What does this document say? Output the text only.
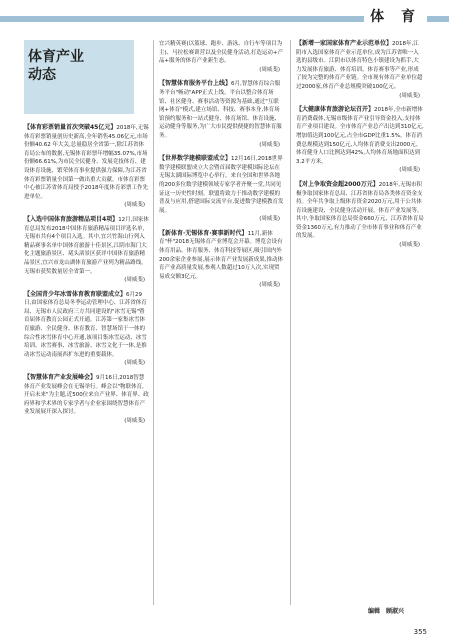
体 育
体育产业
动态
【体育彩票销量首次突破45亿元】2018年,无锡体育彩票销量创历史新高,全年销售45.06亿元,市场份额40.62 年大关,总量稳居全省第一,除江苏省体育局公布的数据,无锡体育彩票年增幅35.07%,市场份额66.61%,为市民全民健身、发展竞技体育、建设体育设施、繁荣体育事业提供强力保障,为江苏省体育彩票销量全国第一做出重大贡献。市体育彩票中心被江苏省体育局授予2018年度体育彩票工作先进单位。
(周威斐)
【入选中国体育旅游精品项目4项】12月,国家体育总局发布2018中国体育旅游精品项目评选名单,无锡市共有4个项目入选。其中,宜兴竹海山行列入精品赛事名单中国体育旅游十佳景区,江阴市海门大化主题旅游景区、鼋头渚景区获评中国体育旅游精品景区,宜兴市龙山湖体育旅游产业列为精品路线。无锡市获奖数量居全省第一。
(周威斐)
【全国青少年冰雪体育教育联盟成立】6月29日,由国家体育总局冬季运动管理中心、江苏省体育局、无锡市人民政府三方共同建设的"冰雪无锡"暨首届体育教育公园正式开通。江苏第一家集冰雪体育旅游、全民健身、体育教育、智慧场馆于一体的综合性冰雪体育中心开通,该项目集冰雪运动、冰雪培训、冰雪赛事、冰雪旅游、冰雪文化于一体,是推动冰雪运动南展西扩东进的重要载体。
(周威斐)
【智慧体育产业发展峰会】9月16日,2018智慧体育产业发展峰会在无锡举行。峰会以"物联体育,开启未来"为主题,近500位来自产业界、体育界、政府界和学术界的专家学者与企业家围绕智慧体育产业发展展开深入探讨。
(周威斐)
宜兴精英赛(以篮球、跑步、游泳、自行车等项目为主)、马拉松赛训营以及全民健身活动,打造运动+产品+服务的体育产业新生态。
(周威斐)
【智慧体育服务平台上线】6月,智慧体育综合服务平台"畅动"APP正式上线。平台以整合体育场馆、社区健身、赛事活动等资源为基础,通过"互联网+体育"模式,建立场馆、科技、赛事本身,体育场馆预约服务和一站式健身、体育场馆、体育设施、运动健身等服务,为广大市民提供便捷的智慧体育服务。
(周威斐)
【世界数学建模联盟成立】12月16日,2018世界数学建模联盟成立大会暨首届数学建模国际论坛在无锡太湖国际博览中心举行。来自全国和世界各地的200多位数学建模领域专家学者齐聚一堂,共同见证这一历史性时刻。联盟将致力于推动数学建模的普及与应用,搭建国际交流平台,促进数学建模教育发展。
(周威斐)
【新体育·无锡体育·赛事新时代】11月,新体育"杯"2018无锡体育产业博览会开幕。博览会设有体育用品、体育服务、体育科技等展区,吸引国内外200余家企业参展,展示体育产业发展新成果,推动体育产业高质量发展,参观人数超过10万人次,实现贸易成交额3亿元。
(周威斐)
【新增一家国家体育产业示范单位】2018年,江阴市入选国家体育产业示范单位,成为江苏省唯一入选的县级市。江阴市以体育特色小镇建设为抓手,大力发展体育旅游、体育培训、体育赛事等产业,形成了较为完整的体育产业链。全市现有体育产业单位超过2000家,体育产业总规模突破100亿元。
(周威斐)
【大健康体育旅游论坛召开】2018年,全市新增体育消费载体,无锡市级体育产业引导资金投入,支持体育产业项目建设。全市体育产业总产出达到310亿元,增加值达到100亿元,占全市GDP比重1.5%。体育消费总规模达到150亿元,人均体育消费支出2000元。体育健身人口比例达到42%,人均体育场地面积达到3.2平方米。
(周威斐)
【对上争取资金超2000万元】2018年,无锡市积极争取国家体育总局、江苏省体育局各类体育资金支持。全年共争取上级体育资金2020万元,用于公共体育设施建设、全民健身活动开展、体育产业发展等。其中,争取国家体育总局资金660万元、江苏省体育局资金1360万元,有力推动了全市体育事业和体育产业的发展。
(周威斐)
编辑　顾淑兴
355
